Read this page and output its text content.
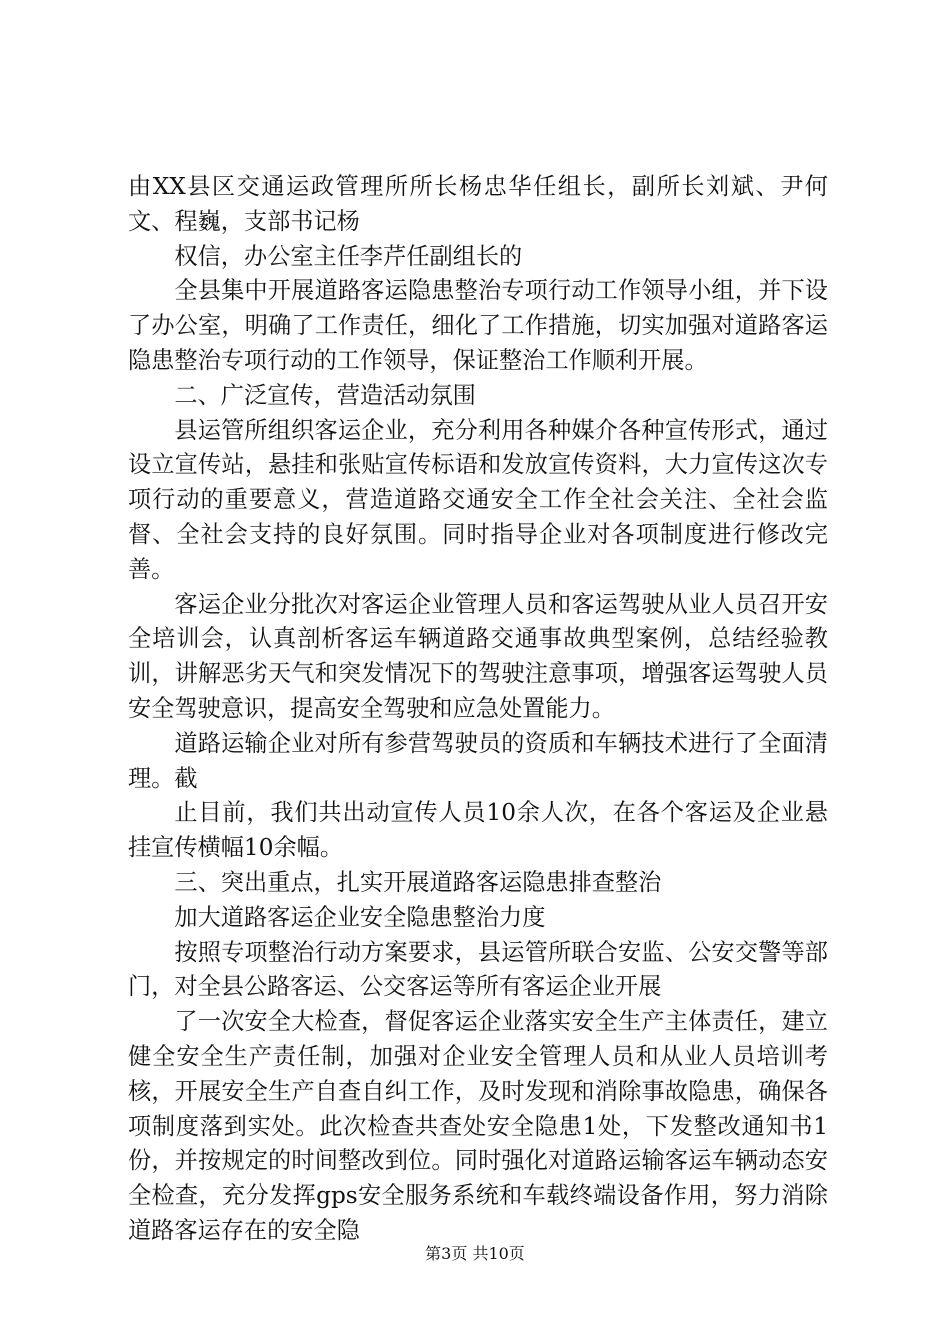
由XX县区交通运政管理所所长杨忠华任组长，副所长刘斌、尹何文、程巍，支部书记杨

权信，办公室主任李芹任副组长的

全县集中开展道路客运隐患整治专项行动工作领导小组，并下设了办公室，明确了工作责任，细化了工作措施，切实加强对道路客运隐患整治专项行动的工作领导，保证整治工作顺利开展。

二、广泛宣传，营造活动氛围

县运管所组织客运企业，充分利用各种媒介各种宣传形式，通过设立宣传站，悬挂和张贴宣传标语和发放宣传资料，大力宣传这次专项行动的重要意义，营造道路交通安全工作全社会关注、全社会监督、全社会支持的良好氛围。同时指导企业对各项制度进行修改完善。

客运企业分批次对客运企业管理人员和客运驾驶从业人员召开安全培训会，认真剖析客运车辆道路交通事故典型案例，总结经验教训，讲解恶劣天气和突发情况下的驾驶注意事项，增强客运驾驶人员安全驾驶意识，提高安全驾驶和应急处置能力。

道路运输企业对所有参营驾驶员的资质和车辆技术进行了全面清理。截

止目前，我们共出动宣传人员10余人次，在各个客运及企业悬挂宣传横幅10余幅。

三、突出重点，扎实开展道路客运隐患排查整治

加大道路客运企业安全隐患整治力度

按照专项整治行动方案要求，县运管所联合安监、公安交警等部门，对全县公路客运、公交客运等所有客运企业开展

了一次安全大检查，督促客运企业落实安全生产主体责任，建立健全安全生产责任制，加强对企业安全管理人员和从业人员培训考核，开展安全生产自查自纠工作，及时发现和消除事故隐患，确保各项制度落到实处。此次检查共查处安全隐患1处，下发整改通知书1份，并按规定的时间整改到位。同时强化对道路运输客运车辆动态安全检查，充分发挥gps安全服务系统和车载终端设备作用，努力消除道路客运存在的安全隐

第3页 共10页
